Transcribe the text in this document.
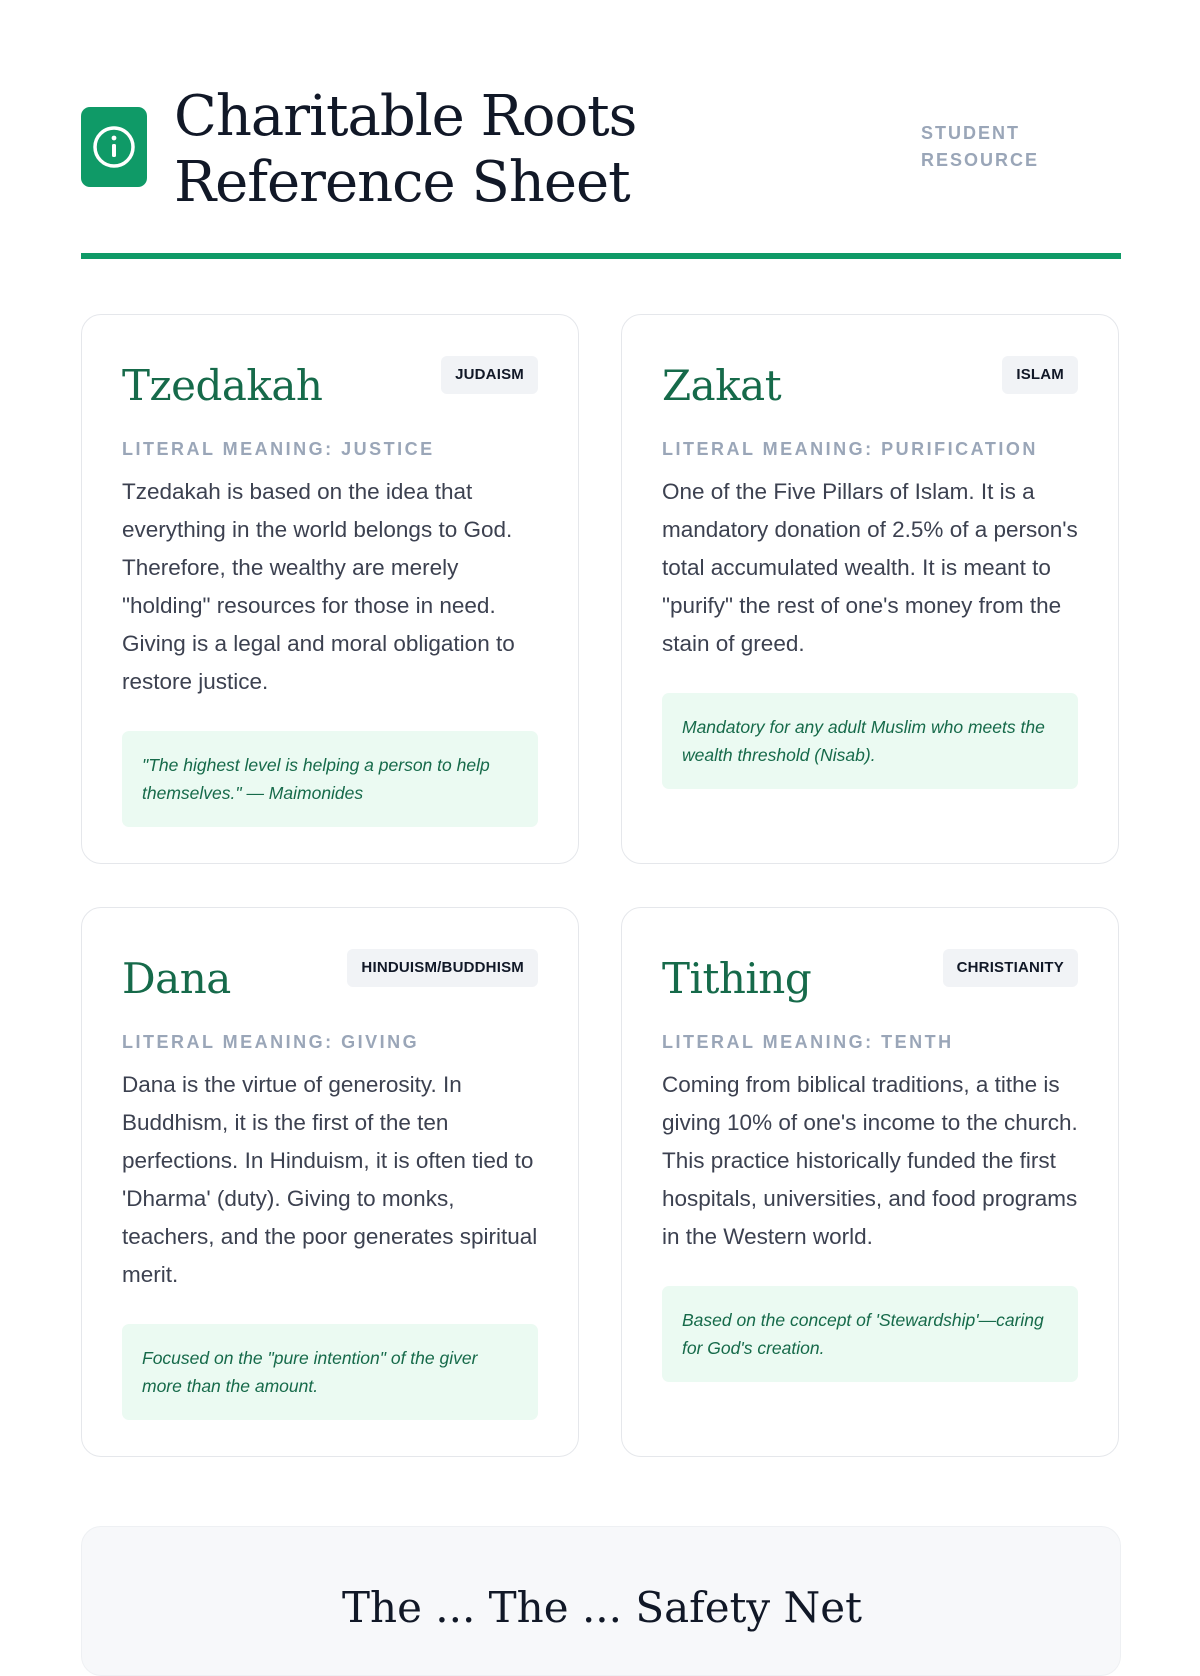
Charitable Roots Reference Sheet
STUDENT RESOURCE
Tzedakah	JUDAISM
LITERAL MEANING: JUSTICE

Tzedakah is based on the idea that everything in the world belongs to God. Therefore, the wealthy are merely "holding" resources for those in need. Giving is a legal and moral obligation to restore justice.

"The highest level is helping a person to help themselves." — Maimonides
Zakat	ISLAM
LITERAL MEANING: PURIFICATION

One of the Five Pillars of Islam. It is a mandatory donation of 2.5% of a person's total accumulated wealth. It is meant to "purify" the rest of one's money from the stain of greed.

Mandatory for any adult Muslim who meets the wealth threshold (Nisab).
Dana	HINDUISM/BUDDHISM
LITERAL MEANING: GIVING

Dana is the virtue of generosity. In Buddhism, it is the first of the ten perfections. In Hinduism, it is often tied to 'Dharma' (duty). Giving to monks, teachers, and the poor generates spiritual merit.

Focused on the "pure intention" of the giver more than the amount.
Tithing	CHRISTIANITY
LITERAL MEANING: TENTH

Coming from biblical traditions, a tithe is giving 10% of one's income to the church. This practice historically funded the first hospitals, universities, and food programs in the Western world.

Based on the concept of 'Stewardship'—caring for God's creation.
The ... The ... Safety Net
